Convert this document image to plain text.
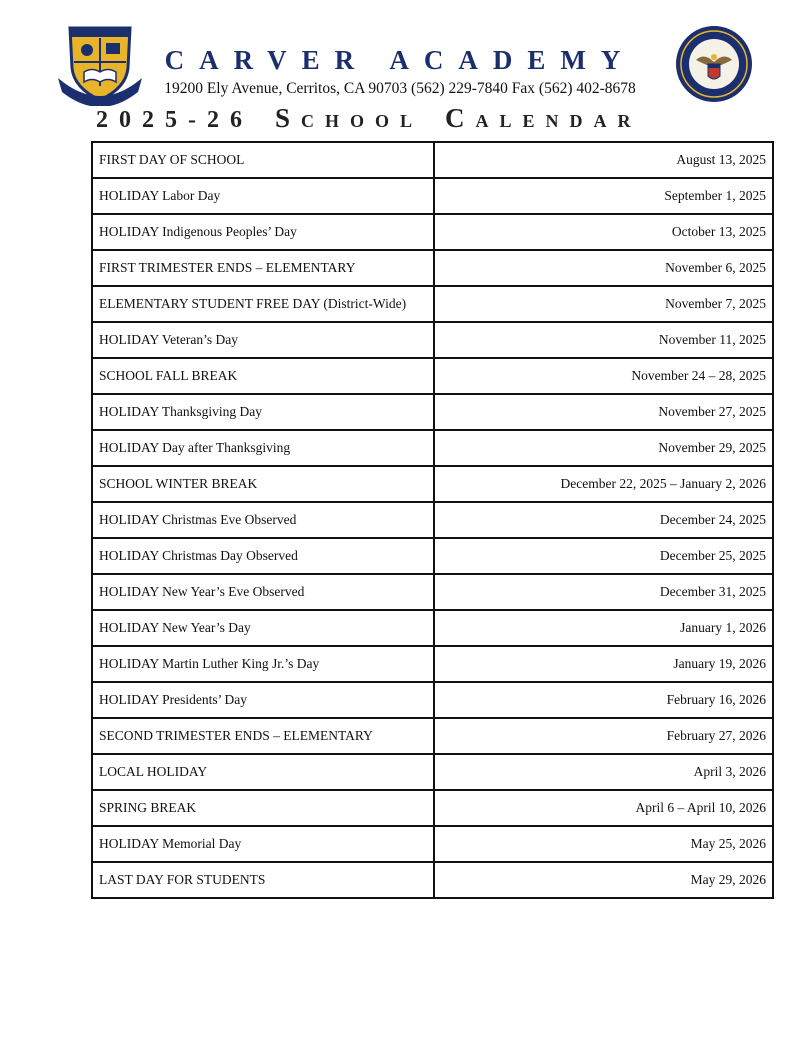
CARVER ACADEMY
19200 Ely Avenue, Cerritos, CA 90703 (562) 229-7840 Fax (562) 402-8678
2025-26 SCHOOL CALENDAR
FIRST DAY OF SCHOOL	August 13, 2025
HOLIDAY Labor Day	September 1, 2025
HOLIDAY Indigenous Peoples’ Day	October 13, 2025
FIRST TRIMESTER ENDS – ELEMENTARY	November 6, 2025
ELEMENTARY STUDENT FREE DAY (District-Wide)	November 7, 2025
HOLIDAY Veteran’s Day	November 11, 2025
SCHOOL FALL BREAK	November 24 – 28, 2025
HOLIDAY Thanksgiving Day	November 27, 2025
HOLIDAY Day after Thanksgiving	November 29, 2025
SCHOOL WINTER BREAK	December 22, 2025 – January 2, 2026
HOLIDAY Christmas Eve Observed	December 24, 2025
HOLIDAY Christmas Day Observed	December 25, 2025
HOLIDAY New Year’s Eve Observed	December 31, 2025
HOLIDAY New Year’s Day	January 1, 2026
HOLIDAY Martin Luther King Jr.’s Day	January 19, 2026
HOLIDAY Presidents’ Day	February 16, 2026
SECOND TRIMESTER ENDS – ELEMENTARY	February 27, 2026
LOCAL HOLIDAY	April 3, 2026
SPRING BREAK	April 6 – April 10, 2026
HOLIDAY Memorial Day	May 25, 2026
LAST DAY FOR STUDENTS	May 29, 2026
